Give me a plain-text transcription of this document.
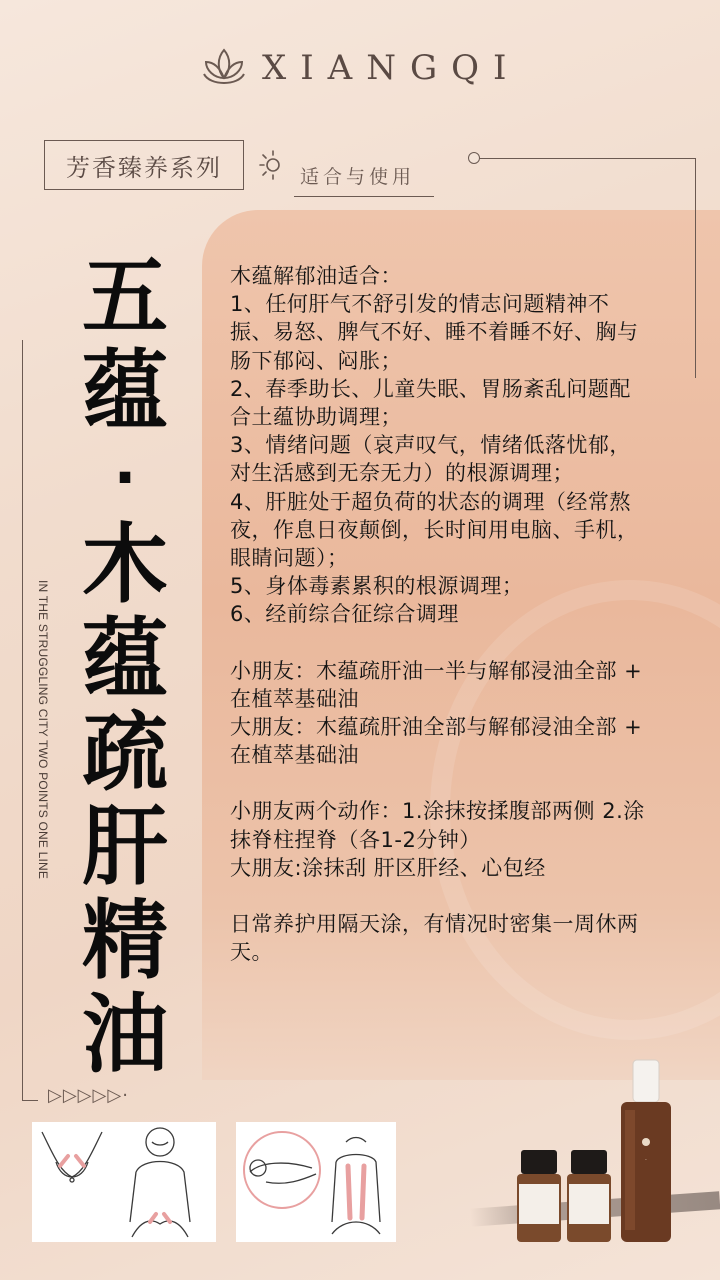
XIANGQI
芳香臻养系列	适合与使用
▷▷▷▷▷·
IN THE STRUGGLING CITY TWO POINTS ONE LINE
五
蕴
·
木
蕴
疏
肝
精
油

木蕴解郁油适合：

1、任何肝气不舒引发的情志问题精神不振、易怒、脾气不好、睡不着睡不好、胸与肠下郁闷、闷胀；

2、春季助长、儿童失眠、胃肠紊乱问题配合土蕴协助调理；

3、情绪问题（哀声叹气，情绪低落忧郁，对生活感到无奈无力）的根源调理；

4、肝脏处于超负荷的状态的调理（经常熬夜，作息日夜颠倒，长时间用电脑、手机，眼睛问题）；

5、身体毒素累积的根源调理；

6、经前综合征综合调理

小朋友：木蕴疏肝油一半与解郁浸油全部 + 在植萃基础油

大朋友：木蕴疏肝油全部与解郁浸油全部 + 在植萃基础油

小朋友两个动作：1.涂抹按揉腹部两侧 2.涂抹脊柱捏脊（各1-2分钟）

大朋友:涂抹刮 肝区肝经、心包经

日常养护用隔天涂，有情况时密集一周休两天。

·
